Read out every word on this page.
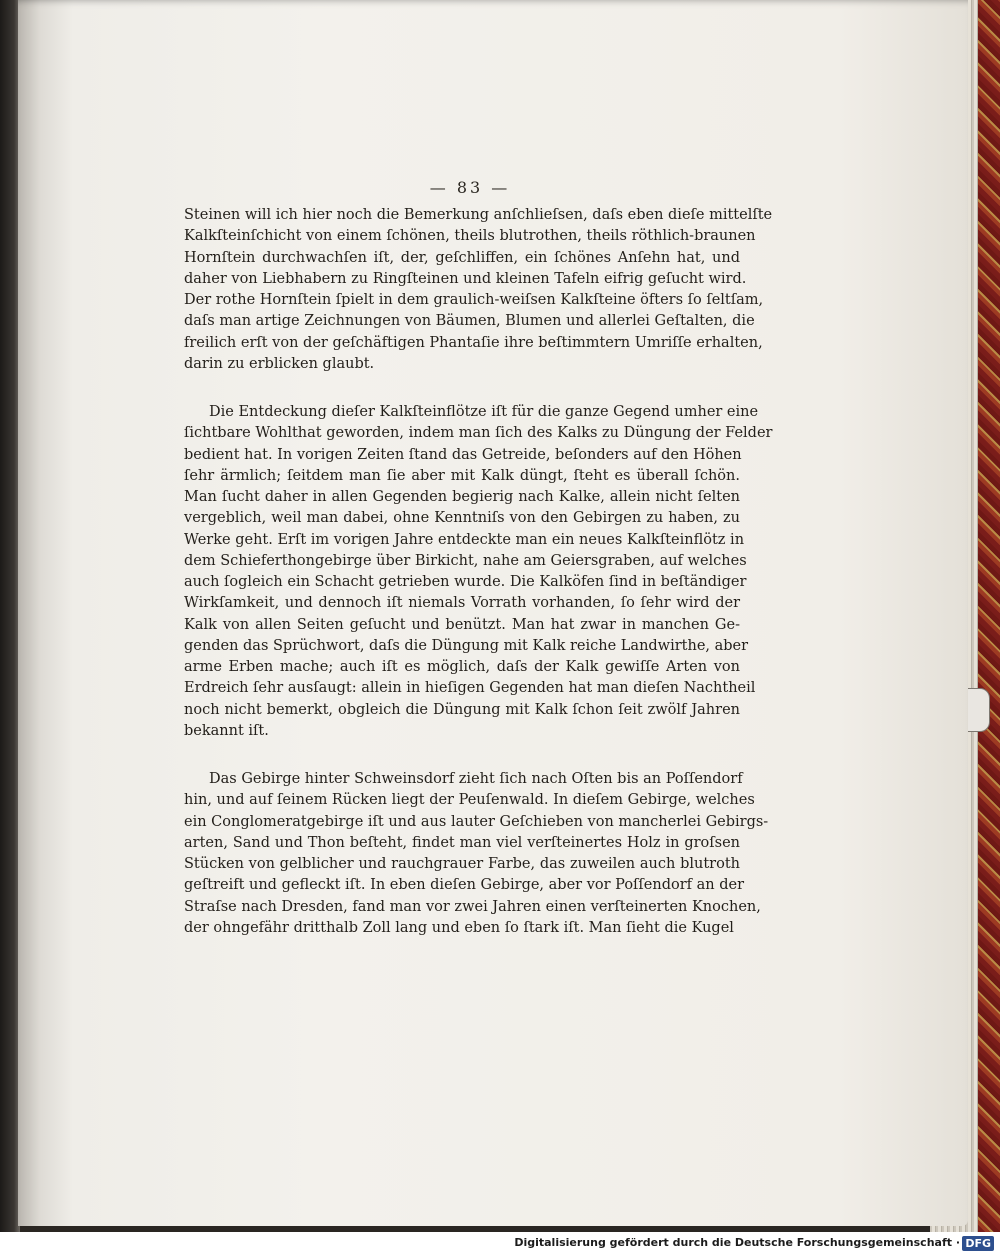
— 83 —
Steinen will ich hier noch die Bemerkung anſchlieſsen, daſs eben dieſe mittelſte
Kalkſteinſchicht von einem ſchönen, theils blutrothen, theils röthlich-braunen
Hornſtein durchwachſen iſt, der, geſchliffen, ein ſchönes Anſehn hat, und
daher von Liebhabern zu Ringſteinen und kleinen Tafeln eifrig geſucht wird.
Der rothe Hornſtein ſpielt in dem graulich-weiſsen Kalkſteine öfters ſo ſeltſam,
daſs man artige Zeichnungen von Bäumen, Blumen und allerlei Geſtalten, die
freilich erſt von der geſchäftigen Phantaſie ihre beſtimmtern Umriſſe erhalten,
darin zu erblicken glaubt.
Die Entdeckung dieſer Kalkſteinflötze iſt für die ganze Gegend umher eine
ſichtbare Wohlthat geworden, indem man ſich des Kalks zu Düngung der Felder
bedient hat. In vorigen Zeiten ſtand das Getreide, beſonders auf den Höhen
ſehr ärmlich; ſeitdem man ſie aber mit Kalk düngt, ſteht es überall ſchön.
Man ſucht daher in allen Gegenden begierig nach Kalke, allein nicht ſelten
vergeblich, weil man dabei, ohne Kenntniſs von den Gebirgen zu haben, zu
Werke geht. Erſt im vorigen Jahre entdeckte man ein neues Kalkſteinflötz in
dem Schieferthongebirge über Birkicht, nahe am Geiersgraben, auf welches
auch ſogleich ein Schacht getrieben wurde. Die Kalköfen ſind in beſtändiger
Wirkſamkeit, und dennoch iſt niemals Vorrath vorhanden, ſo ſehr wird der
Kalk von allen Seiten geſucht und benützt. Man hat zwar in manchen Ge-
genden das Sprüchwort, daſs die Düngung mit Kalk reiche Landwirthe, aber
arme Erben mache; auch iſt es möglich, daſs der Kalk gewiſſe Arten von
Erdreich ſehr ausſaugt: allein in hieſigen Gegenden hat man dieſen Nachtheil
noch nicht bemerkt, obgleich die Düngung mit Kalk ſchon ſeit zwölf Jahren
bekannt iſt.
Das Gebirge hinter Schweinsdorf zieht ſich nach Oſten bis an Poſſendorf
hin, und auf ſeinem Rücken liegt der Peuſenwald. In dieſem Gebirge, welches
ein Conglomeratgebirge iſt und aus lauter Geſchieben von mancherlei Gebirgs-
arten, Sand und Thon beſteht, findet man viel verſteinertes Holz in groſsen
Stücken von gelblicher und rauchgrauer Farbe, das zuweilen auch blutroth
geſtreift und gefleckt iſt. In eben dieſen Gebirge, aber vor Poſſendorf an der
Straſse nach Dresden, fand man vor zwei Jahren einen verſteinerten Knochen,
der ohngefähr dritthalb Zoll lang und eben ſo ſtark iſt. Man ſieht die Kugel
Digitalisierung gefördert durch die Deutsche Forschungsgemeinschaft · DFG
